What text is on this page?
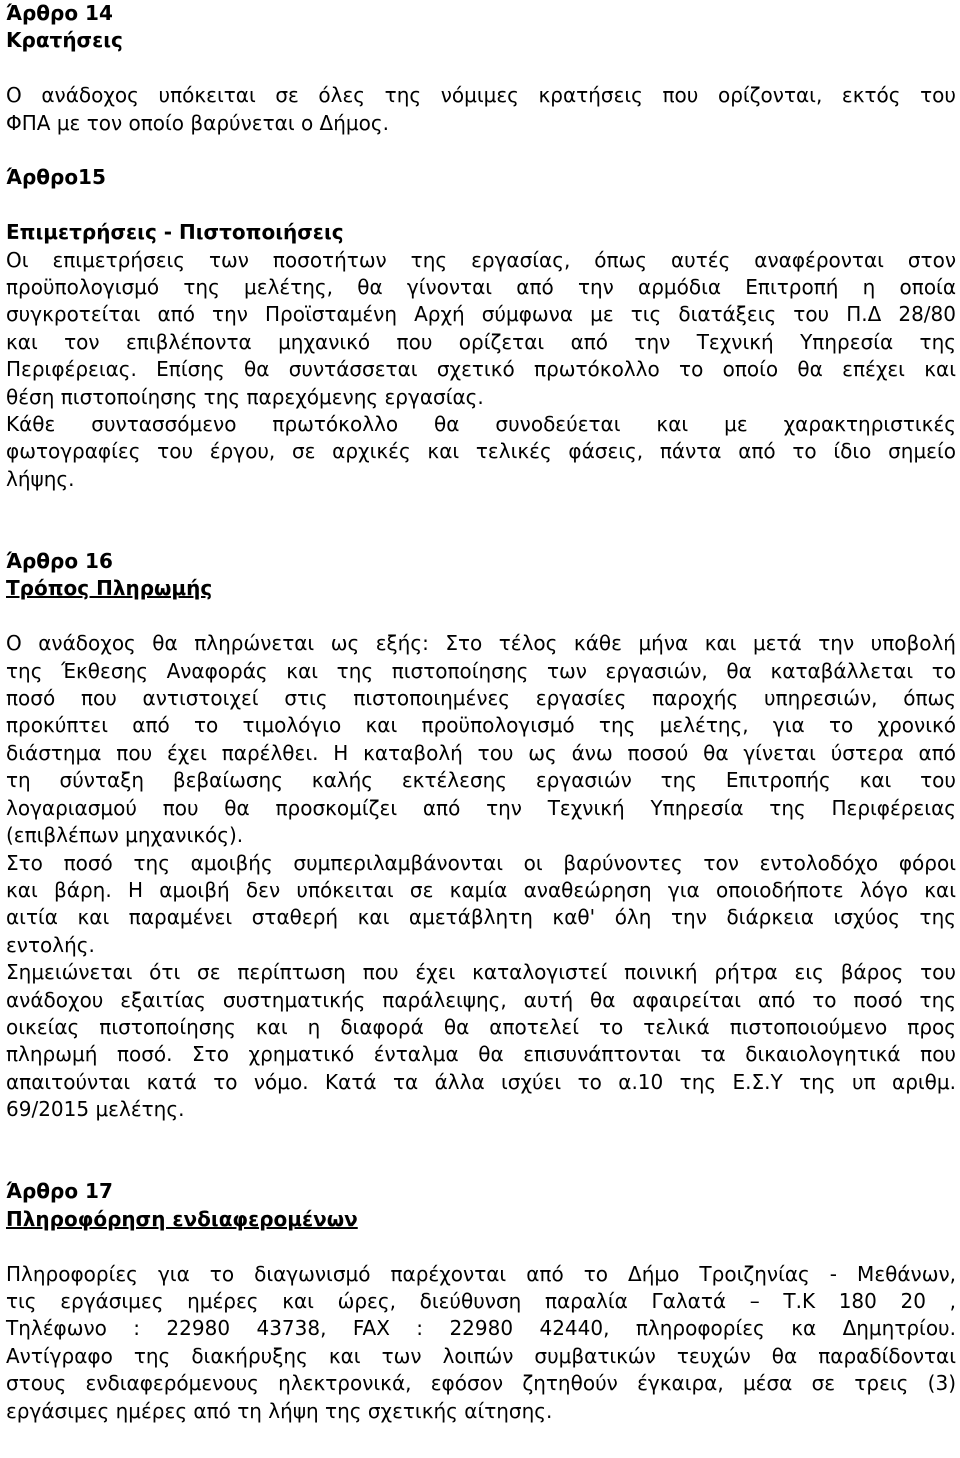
Άρθρο 14
Κρατήσεις
Ο ανάδοχος υπόκειται σε όλες της νόμιμες κρατήσεις που ορίζονται, εκτός του
ΦΠΑ με τον οποίο βαρύνεται ο Δήμος.
Άρθρο15
Επιμετρήσεις - Πιστοποιήσεις
Οι επιμετρήσεις των ποσοτήτων της εργασίας, όπως αυτές αναφέρονται στον
προϋπολογισμό της μελέτης, θα γίνονται από την αρμόδια Επιτροπή η οποία
συγκροτείται από την Προϊσταμένη Αρχή σύμφωνα με τις διατάξεις του Π.Δ 28/80
και τον επιβλέποντα μηχανικό που ορίζεται από την Τεχνική Υπηρεσία της
Περιφέρειας. Επίσης θα συντάσσεται σχετικό πρωτόκολλο το οποίο θα επέχει και
θέση πιστοποίησης της παρεχόμενης εργασίας.
Κάθε συντασσόμενο πρωτόκολλο θα συνοδεύεται και με χαρακτηριστικές
φωτογραφίες του έργου, σε αρχικές και τελικές φάσεις, πάντα από το ίδιο σημείο
λήψης.
Άρθρο 16
Τρόπος Πληρωμής
Ο ανάδοχος θα πληρώνεται ως εξής: Στο τέλος κάθε μήνα και μετά την υποβολή
της Έκθεσης Αναφοράς και της πιστοποίησης των εργασιών, θα καταβάλλεται το
ποσό που αντιστοιχεί στις πιστοποιημένες εργασίες παροχής υπηρεσιών, όπως
προκύπτει από το τιμολόγιο και προϋπολογισμό της μελέτης, για το χρονικό
διάστημα που έχει παρέλθει. Η καταβολή του ως άνω ποσού θα γίνεται ύστερα από
τη σύνταξη βεβαίωσης καλής εκτέλεσης εργασιών της Επιτροπής και του
λογαριασμού που θα προσκομίζει από την Τεχνική Υπηρεσία της Περιφέρειας
(επιβλέπων μηχανικός).
Στο ποσό της αμοιβής συμπεριλαμβάνονται οι βαρύνοντες τον εντολοδόχο φόροι
και βάρη. Η αμοιβή δεν υπόκειται σε καμία αναθεώρηση για οποιοδήποτε λόγο και
αιτία και παραμένει σταθερή και αμετάβλητη καθ' όλη την διάρκεια ισχύος της
εντολής.
Σημειώνεται ότι σε περίπτωση που έχει καταλογιστεί ποινική ρήτρα εις βάρος του
ανάδοχου εξαιτίας συστηματικής παράλειψης, αυτή θα αφαιρείται από το ποσό της
οικείας πιστοποίησης και η διαφορά θα αποτελεί το τελικά πιστοποιούμενο προς
πληρωμή ποσό. Στο χρηματικό ένταλμα θα επισυνάπτονται τα δικαιολογητικά που
απαιτούνται κατά το νόμο. Κατά τα άλλα ισχύει το α.10 της Ε.Σ.Υ της υπ αριθμ.
69/2015 μελέτης.
Άρθρο 17
Πληροφόρηση ενδιαφερομένων
Πληροφορίες για το διαγωνισμό παρέχονται από το Δήμο Τροιζηνίας - Μεθάνων,
τις εργάσιμες ημέρες και ώρες, διεύθυνση παραλία Γαλατά – Τ.Κ 180 20 ,
Τηλέφωνο : 22980 43738, FAX : 22980 42440, πληροφορίες κα Δημητρίου.
Αντίγραφο της διακήρυξης και των λοιπών συμβατικών τευχών θα παραδίδονται
στους ενδιαφερόμενους ηλεκτρονικά, εφόσον ζητηθούν έγκαιρα, μέσα σε τρεις (3)
εργάσιμες ημέρες από τη λήψη της σχετικής αίτησης.
